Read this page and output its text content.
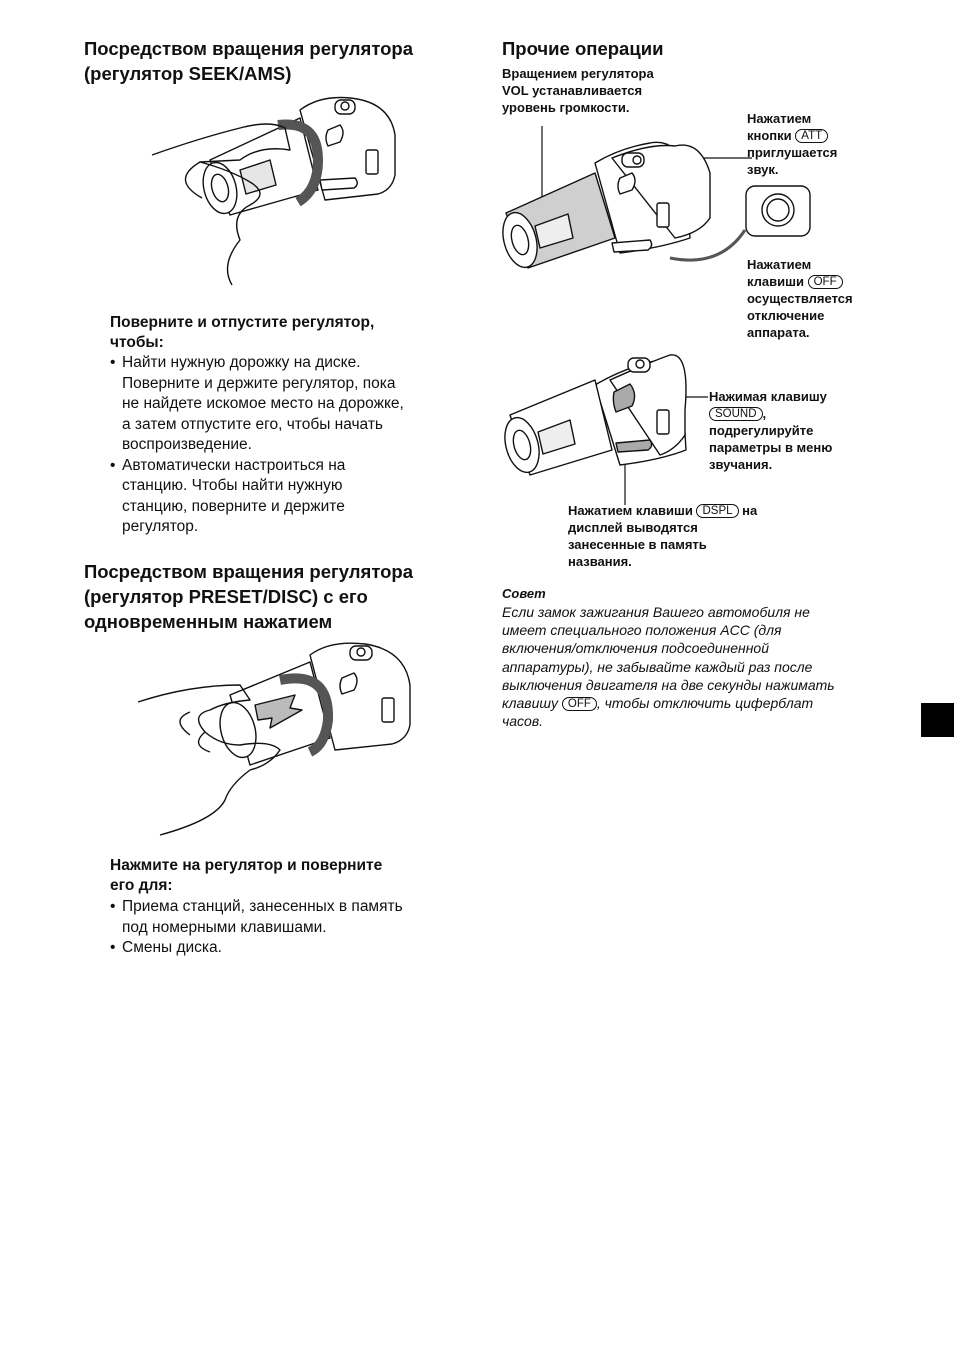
Посредством вращения регулятора
(регулятор SEEK/AMS)
Поверните и отпустите регулятор,
чтобы:
• Найти нужную дорожку на диске.
Поверните и держите регулятор, пока
не найдете искомое место на дорожке,
а затем отпустите его, чтобы начать
воспроизведение.
• Автоматически настроиться на
станцию. Чтобы найти нужную
станцию, поверните и держите
регулятор.
Посредством вращения регулятора
(регулятор PRESET/DISC) с его
одновременным нажатием
Нажмите на регулятор и поверните
его для:
• Приема станций, занесенных в память
под номерными клавишами.
• Смены диска.
Прочие операции
Вращением регулятора
VOL устанавливается
уровень громкости.
Нажатием
кнопки ATT
приглушается
звук.
Нажатием
клавиши OFF
осуществляется
отключение
аппарата.
Нажимая клавишу
SOUND ,
подрегулируйте
параметры в меню
звучания.
Нажатием клавиши DSPL на
дисплей выводятся
занесенные в память
названия.
Совет
Если замок зажигания Вашего автомобиля не
имеет специального положения ACC (для
включения/отключения подсоединенной
аппаратуры), не забывайте каждый раз после
выключения двигателя на две секунды нажимать
клавишу OFF , чтобы отключить циферблат
часов.
